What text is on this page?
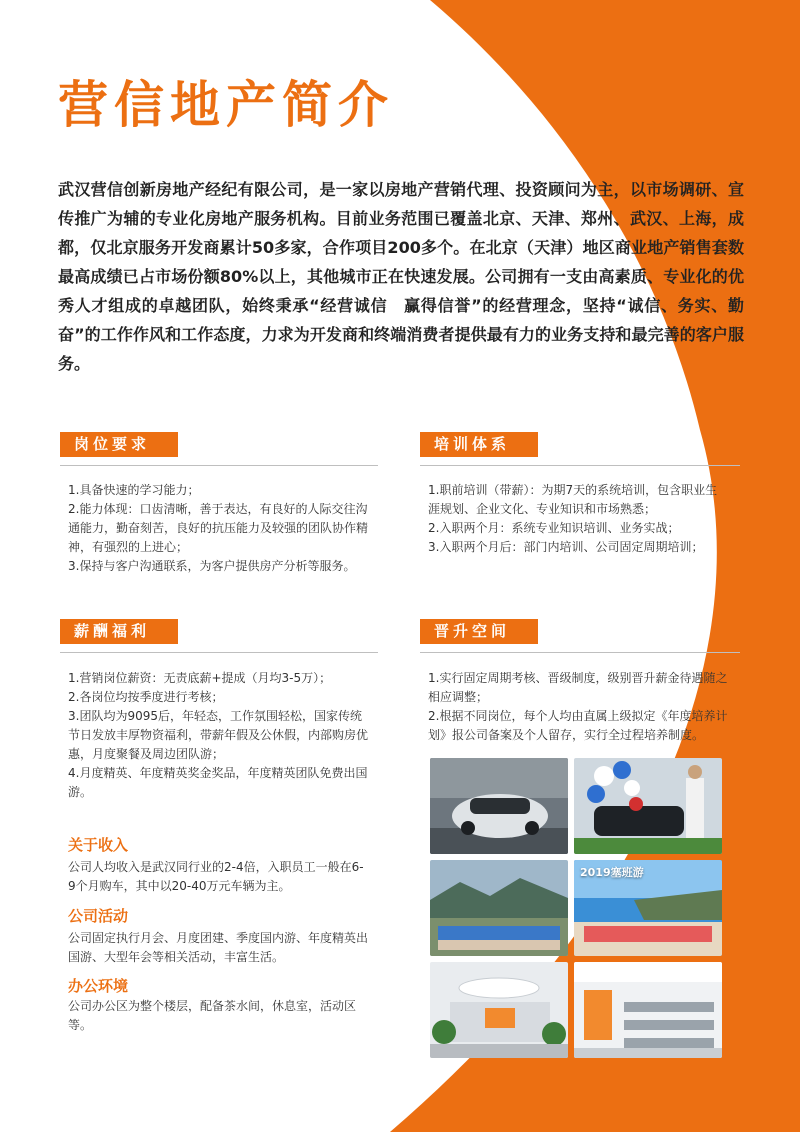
营信地产简介

武汉营信创新房地产经纪有限公司，是一家以房地产营销代理、投资顾问为主，以市场调研、宣传推广为辅的专业化房地产服务机构。目前业务范围已覆盖北京、天津、郑州、武汉、上海，成都，仅北京服务开发商累计50多家，合作项目200多个。在北京（天津）地区商业地产销售套数最高成绩已占市场份额80%以上，其他城市正在快速发展。公司拥有一支由高素质、专业化的优秀人才组成的卓越团队，始终秉承“经营诚信　赢得信誉”的经营理念，坚持“诚信、务实、勤奋”的工作作风和工作态度，力求为开发商和终端消费者提供最有力的业务支持和最完善的客户服务。

岗位要求
1.具备快速的学习能力；
2.能力体现：口齿清晰，善于表达，有良好的人际交往沟通能力，勤奋刻苦，良好的抗压能力及较强的团队协作精神，有强烈的上进心；
3.保持与客户沟通联系，为客户提供房产分析等服务。
培训体系
1.职前培训（带薪）：为期7天的系统培训，包含职业生涯规划、企业文化、专业知识和市场熟悉；
2.入职两个月：系统专业知识培训、业务实战；
3.入职两个月后：部门内培训、公司固定周期培训；
薪酬福利
1.营销岗位薪资：无责底薪+提成（月均3-5万）；
2.各岗位均按季度进行考核；
3.团队均为9095后，年轻态，工作氛围轻松，国家传统节日发放丰厚物资福利，带薪年假及公休假，内部购房优惠，月度聚餐及周边团队游；
4.月度精英、年度精英奖金奖品，年度精英团队免费出国游。
晋升空间
1.实行固定周期考核、晋级制度，级别晋升薪金待遇随之相应调整；
2.根据不同岗位，每个人均由直属上级拟定《年度培养计划》报公司备案及个人留存，实行全过程培养制度。
关于收入
公司人均收入是武汉同行业的2-4倍，入职员工一般在6-9个月购车，其中以20-40万元车辆为主。
公司活动
公司固定执行月会、月度团建、季度国内游、年度精英出国游、大型年会等相关活动，丰富生活。
办公环境
公司办公区为整个楼层，配备茶水间，休息室，活动区等。
2019塞班游
